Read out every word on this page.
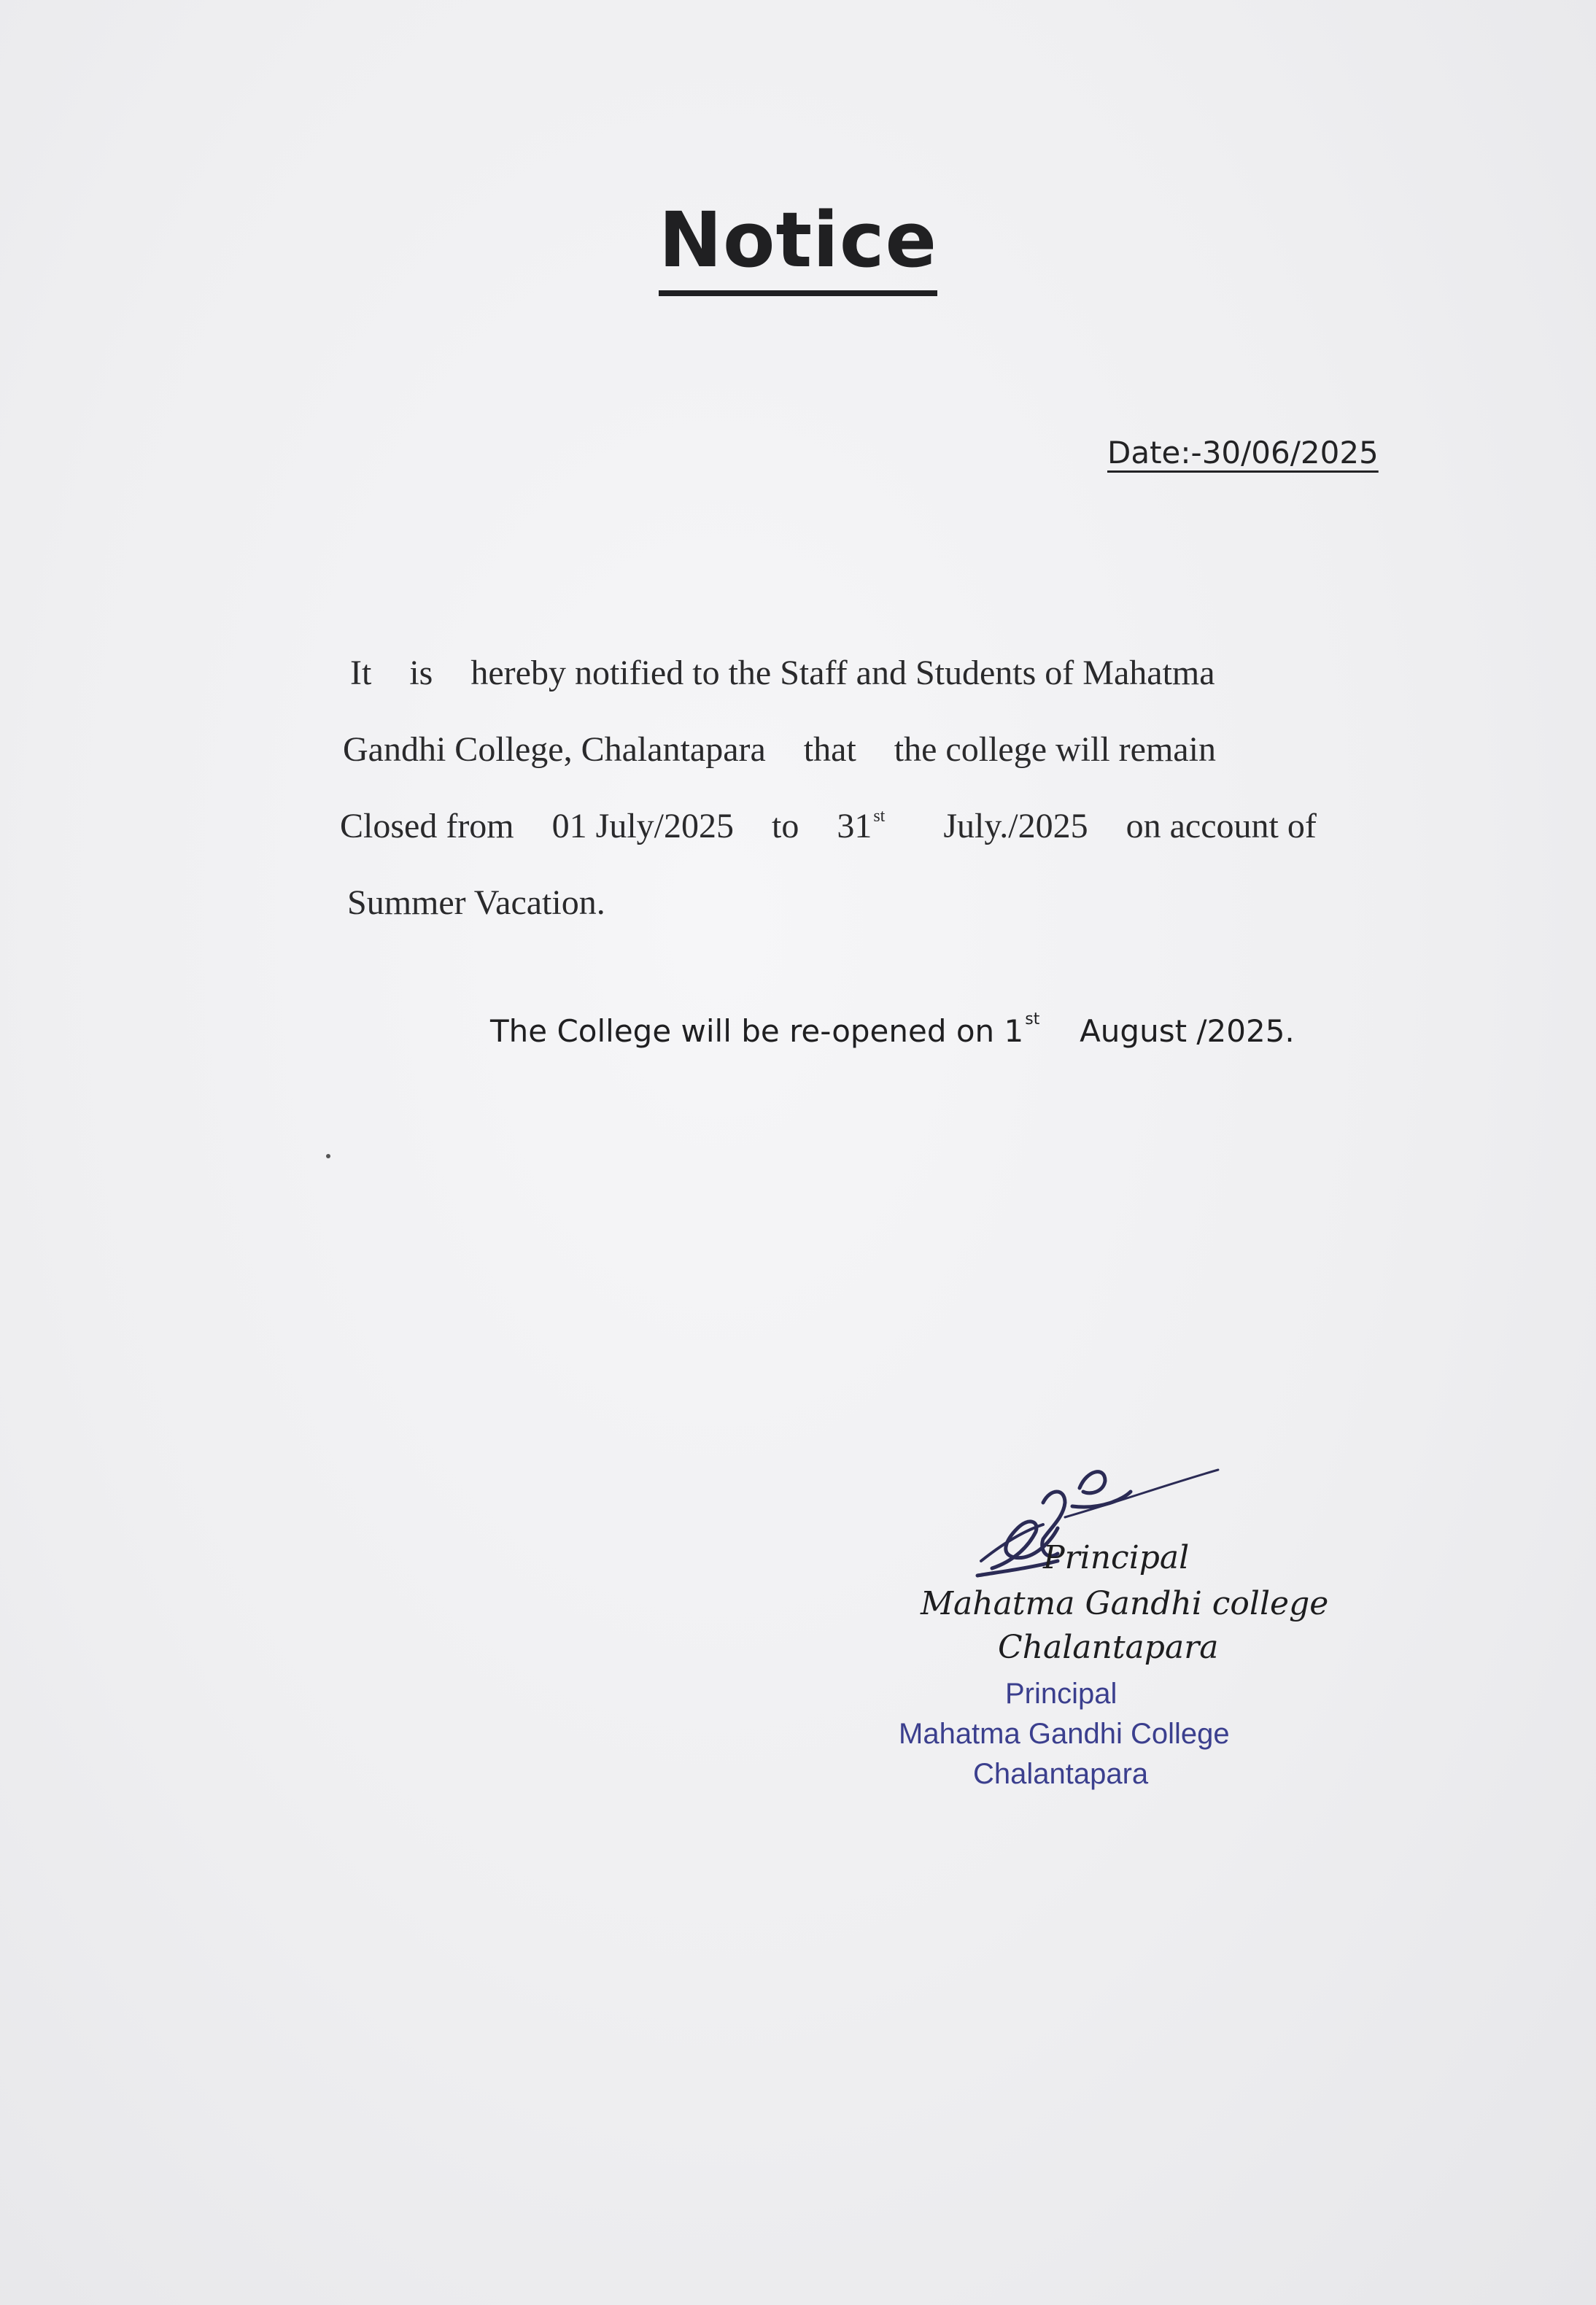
Notice
Date:-30/06/2025
It is hereby notified to the Staff and Students of Mahatma
Gandhi College, Chalantapara that the college will remain
Closed from 01 July/2025 to 31st July./2025 on account of
Summer Vacation.
The College will be re-opened on 1st August /2025.
Principal
Mahatma Gandhi college
Chalantapara
Principal
Mahatma Gandhi College
Chalantapara
